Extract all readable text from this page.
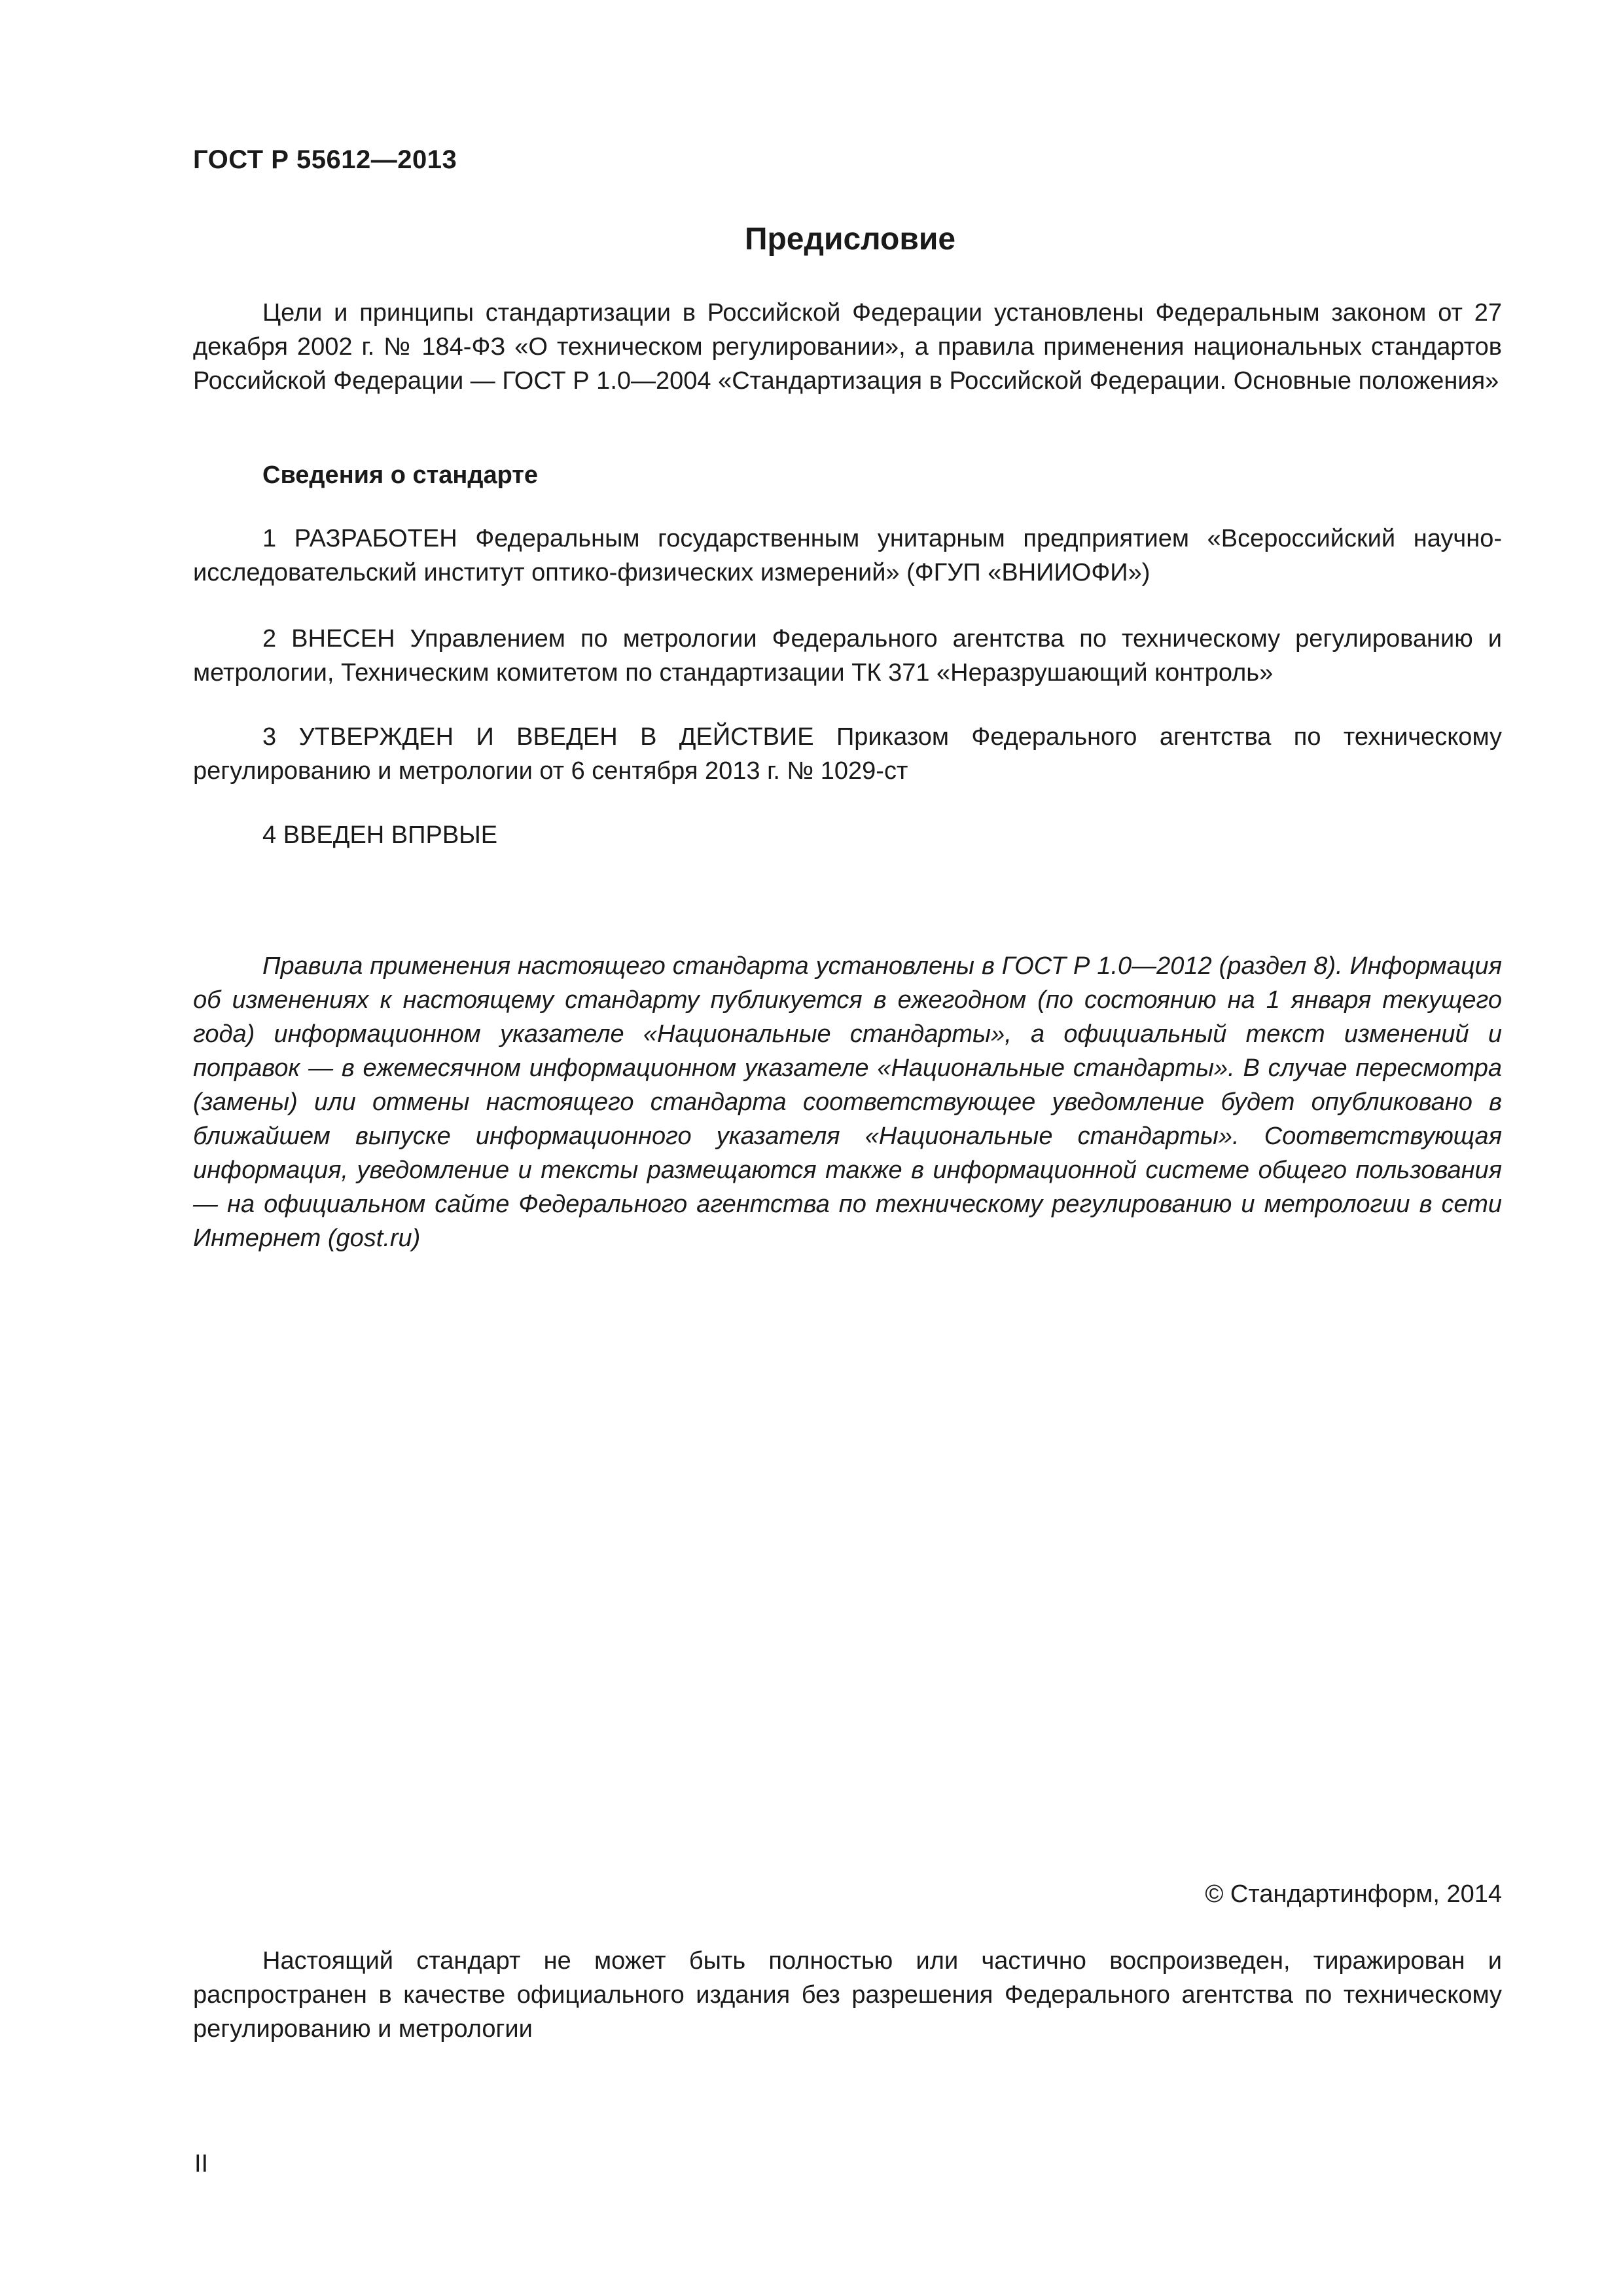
ГОСТ Р 55612—2013
Предисловие

Цели и принципы стандартизации в Российской Федерации установлены Федеральным законом от 27 декабря 2002 г. № 184-ФЗ «О техническом регулировании», а правила применения национальных стандартов Российской Федерации — ГОСТ Р 1.0—2004 «Стандартизация в Российской Федерации. Основные положения»

Сведения о стандарте

1 РАЗРАБОТЕН Федеральным государственным унитарным предприятием «Всероссийский научно-исследовательский институт оптико-физических измерений» (ФГУП «ВНИИОФИ»)

2 ВНЕСЕН Управлением по метрологии Федерального агентства по техническому регулированию и метрологии, Техническим комитетом по стандартизации ТК 371 «Неразрушающий контроль»

3 УТВЕРЖДЕН И ВВЕДЕН В ДЕЙСТВИЕ Приказом Федерального агентства по техническому регулированию и метрологии от 6 сентября 2013 г. № 1029-ст

4 ВВЕДЕН ВПРВЫЕ

Правила применения настоящего стандарта установлены в ГОСТ Р 1.0—2012 (раздел 8). Информация об изменениях к настоящему стандарту публикуется в ежегодном (по состоянию на 1 января текущего года) информационном указателе «Национальные стандарты», а официальный текст изменений и поправок — в ежемесячном информационном указателе «Национальные стандарты». В случае пересмотра (замены) или отмены настоящего стандарта соответствующее уведомление будет опубликовано в ближайшем выпуске информационного указателя «Национальные стандарты». Соответствующая информация, уведомление и тексты размещаются также в информационной системе общего пользования — на официальном сайте Федерального агентства по техническому регулированию и метрологии в сети Интернет (gost.ru)

© Стандартинформ, 2014

Настоящий стандарт не может быть полностью или частично воспроизведен, тиражирован и распространен в качестве официального издания без разрешения Федерального агентства по техническому регулированию и метрологии

II
